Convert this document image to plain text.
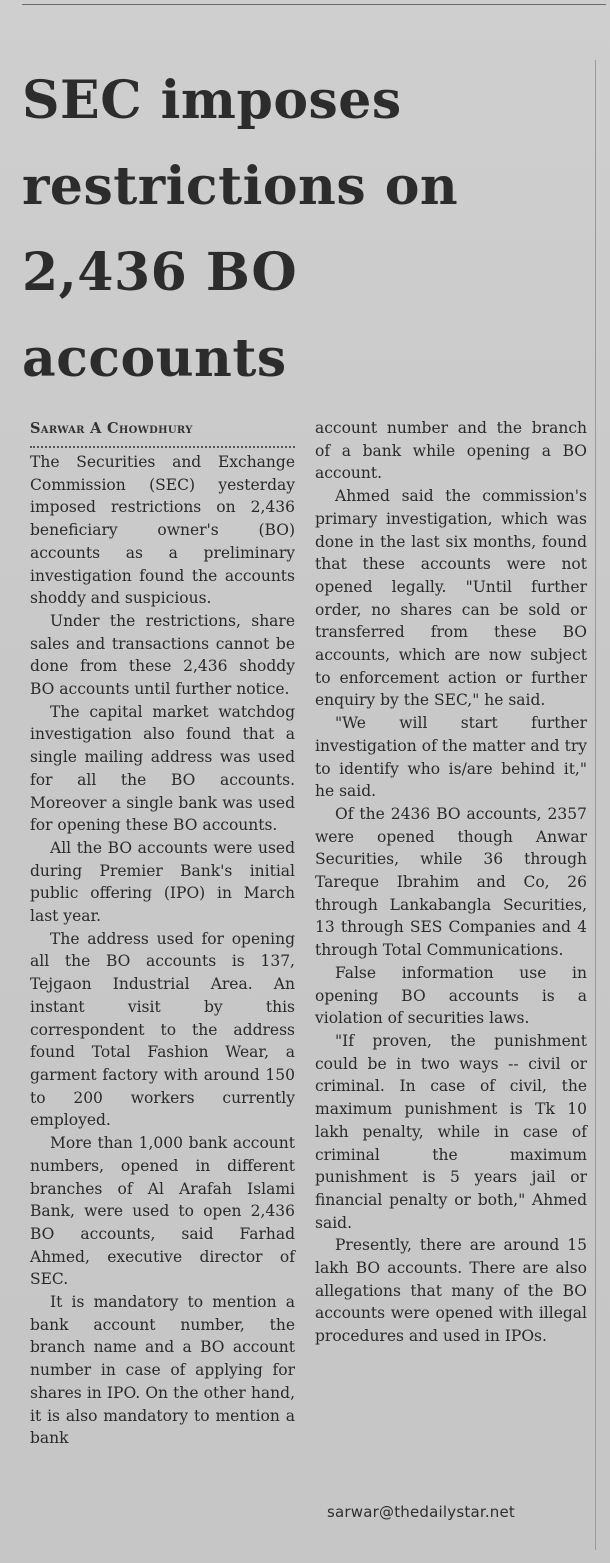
SEC imposes
restrictions on
2,436 BO
accounts
Sarwar A Chowdhury

The Securities and Exchange Commission (SEC) yesterday imposed restrictions on 2,436 beneficiary owner's (BO) accounts as a preliminary investigation found the accounts shoddy and suspicious.

Under the restrictions, share sales and transactions cannot be done from these 2,436 shoddy BO accounts until further notice.

The capital market watchdog investigation also found that a single mailing address was used for all the BO accounts. Moreover a single bank was used for opening these BO accounts.

All the BO accounts were used during Premier Bank's initial public offering (IPO) in March last year.

The address used for opening all the BO accounts is 137, Tejgaon Industrial Area. An instant visit by this correspondent to the address found Total Fashion Wear, a garment factory with around 150 to 200 workers currently employed.

More than 1,000 bank account numbers, opened in different branches of Al Arafah Islami Bank, were used to open 2,436 BO accounts, said Farhad Ahmed, executive director of SEC.

It is mandatory to mention a bank account number, the branch name and a BO account number in case of applying for shares in IPO. On the other hand, it is also mandatory to mention a bank

account number and the branch of a bank while opening a BO account.

Ahmed said the commission's primary investigation, which was done in the last six months, found that these accounts were not opened legally. "Until further order, no shares can be sold or transferred from these BO accounts, which are now subject to enforcement action or further enquiry by the SEC," he said.

"We will start further investigation of the matter and try to identify who is/are behind it," he said.

Of the 2436 BO accounts, 2357 were opened though Anwar Securities, while 36 through Tareque Ibrahim and Co, 26 through Lankabangla Securities, 13 through SES Companies and 4 through Total Communications.

False information use in opening BO accounts is a violation of securities laws.

"If proven, the punishment could be in two ways -- civil or criminal. In case of civil, the maximum punishment is Tk 10 lakh penalty, while in case of criminal the maximum punishment is 5 years jail or financial penalty or both," Ahmed said.

Presently, there are around 15 lakh BO accounts. There are also allegations that many of the BO accounts were opened with illegal procedures and used in IPOs.

sarwar@thedailystar.net
